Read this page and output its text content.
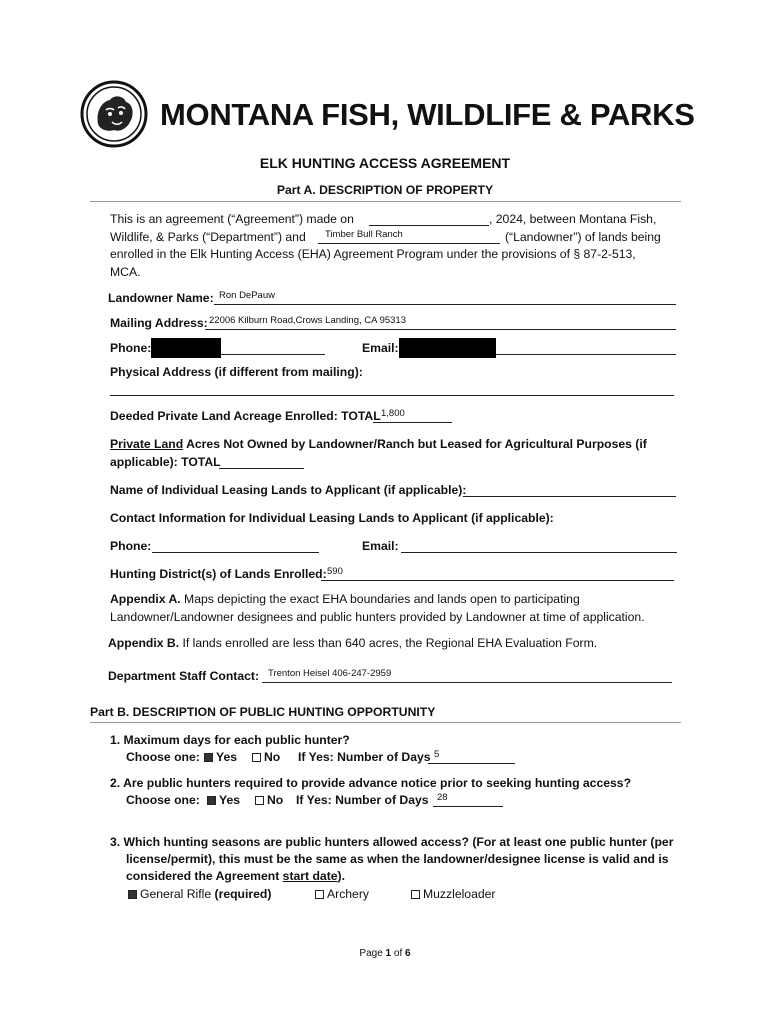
MONTANA FISH, WILDLIFE & PARKS
ELK HUNTING ACCESS AGREEMENT
Part A. DESCRIPTION OF PROPERTY
This is an agreement (“Agreement”) made on	, 2024, between Montana Fish,
Wildlife, & Parks (“Department”) and Timber Bull Ranch	(“Landowner”) of lands being
enrolled in the Elk Hunting Access (EHA) Agreement Program under the provisions of § 87-2-513,
MCA.
Landowner Name: Ron DePauw
Mailing Address: 22006 Kilburn Road,Crows Landing, CA 95313
Phone:	Email:
Physical Address (if different from mailing):
Deeded Private Land Acreage Enrolled: TOTAL 1,800
Private Land Acres Not Owned by Landowner/Ranch but Leased for Agricultural Purposes (if
applicable): TOTAL
Name of Individual Leasing Lands to Applicant (if applicable):
Contact Information for Individual Leasing Lands to Applicant (if applicable):
Phone:	Email:
Hunting District(s) of Lands Enrolled: 590
Appendix A. Maps depicting the exact EHA boundaries and lands open to participating
Landowner/Landowner designees and public hunters provided by Landowner at time of application.
Appendix B. If lands enrolled are less than 640 acres, the Regional EHA Evaluation Form.
Department Staff Contact: Trenton Heisel 406-247-2959
Part B. DESCRIPTION OF PUBLIC HUNTING OPPORTUNITY
1. Maximum days for each public hunter?
Choose one:	Yes	No If Yes: Number of Days 5
2. Are public hunters required to provide advance notice prior to seeking hunting access?
Choose one:	Yes	No If Yes: Number of Days 28
3. Which hunting seasons are public hunters allowed access? (For at least one public hunter (per
license/permit), this must be the same as when the landowner/designee license is valid and is
considered the Agreement start date).
General Rifle (required)	Archery	Muzzleloader
Page 1 of 6
